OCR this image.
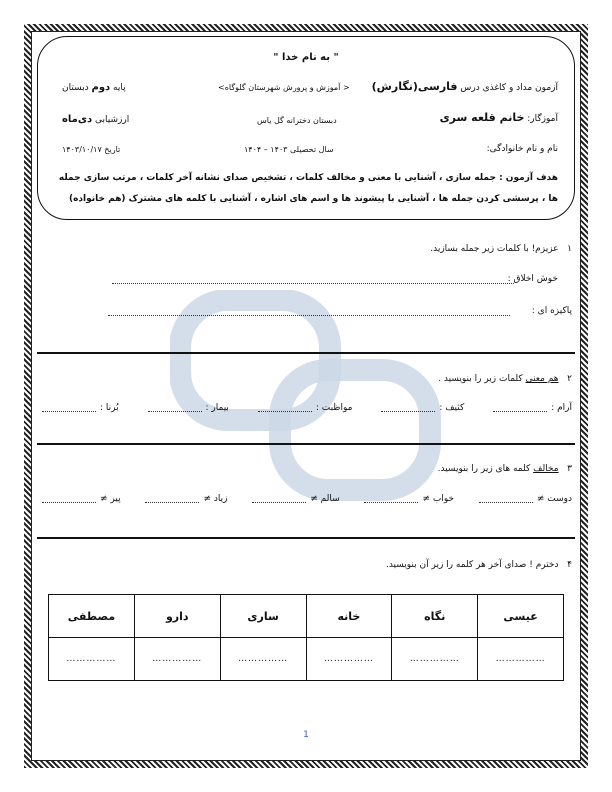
" به نام خدا "
آزمون مداد و کاغذی درس فارسی(نگارش)
< آموزش و پرورش شهرستان گلوگاه>
پایه دوم دبستان
آموزگار: خانم قلعه سری
دبستان دخترانه گل یاس
ارزشیابی دی‌ماه
نام و نام خانوادگی:
سال تحصیلی ۱۴۰۳ – ۱۴۰۴
تاریخ ۱۴۰۳/۱۰/۱۷
هدف آزمون : جمله سازی ، آشنایی با معنی و مخالف کلمات ، تشخیص صدای نشانه آخر کلمات ، مرتب سازی جمله ها ، پرسشی کردن جمله ها ، آشنایی با پیشوند ها و اسم های اشاره ، آشنایی با کلمه های مشترک (هم خانواده)
۱   عزیزم! با کلمات زیر جمله بسازید.
خوش اخلاق :
پاکیزه ای :
۲   هم معنی کلمات زیر را بنویسید .
آرام :
کثیف :
مواظبت :
بیمار :
بُرنا :
۳   مخالف کلمه های زیر را بنویسید.
دوست ≠
خواب ≠
سالم ≠
زیاد ≠
پیر ≠
۴   دخترم ! صدای آخر هر کلمه را زیر آن بنویسید.
عیسی	نگاه	خانه	ساری	دارو	مصطفی
……………	……………	……………	……………	……………	……………
1
